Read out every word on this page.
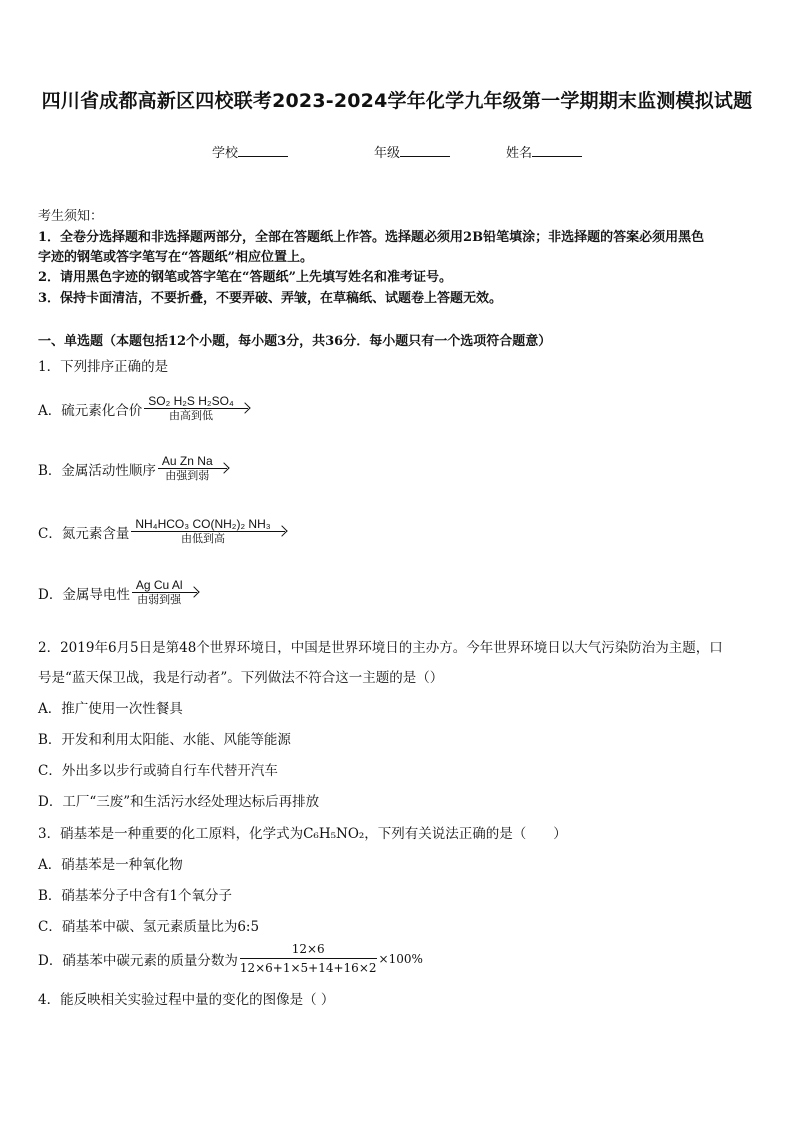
四川省成都高新区四校联考2023-2024学年化学九年级第一学期期末监测模拟试题
学校	年级	姓名
考生须知：
1．全卷分选择题和非选择题两部分，全部在答题纸上作答。选择题必须用2B铅笔填涂；非选择题的答案必须用黑色
字迹的钢笔或答字笔写在“答题纸”相应位置上。
2．请用黑色字迹的钢笔或答字笔在“答题纸”上先填写姓名和准考证号。
3．保持卡面清洁，不要折叠，不要弄破、弄皱，在草稿纸、试题卷上答题无效。
一、单选题（本题包括12个小题，每小题3分，共36分．每小题只有一个选项符合题意）
1．下列排序正确的是
A．硫元素化合价
SO₂ H₂S H₂SO₄
由高到低
B．金属活动性顺序
Au Zn Na
由强到弱
C．氮元素含量
NH₄HCO₃ CO(NH₂)₂ NH₃
由低到高
D．金属导电性
Ag Cu Al
由弱到强
2．2019年6月5日是第48个世界环境日，中国是世界环境日的主办方。今年世界环境日以大气污染防治为主题，口
号是“蓝天保卫战，我是行动者”。下列做法不符合这一主题的是（）
A．推广使用一次性餐具
B．开发和利用太阳能、水能、风能等能源
C．外出多以步行或骑自行车代替开汽车
D．工厂“三废”和生活污水经处理达标后再排放
3．硝基苯是一种重要的化工原料，化学式为C₆H₅NO₂，下列有关说法正确的是（　　）
A．硝基苯是一种氧化物
B．硝基苯分子中含有1个氧分子
C．硝基苯中碳、氢元素质量比为6:5
D．硝基苯中碳元素的质量分数为 $\frac{12\times 6}{12\times 6+1\times 5+14+16\times 2} \times 100\%$
4．能反映相关实验过程中量的变化的图像是（ ）
